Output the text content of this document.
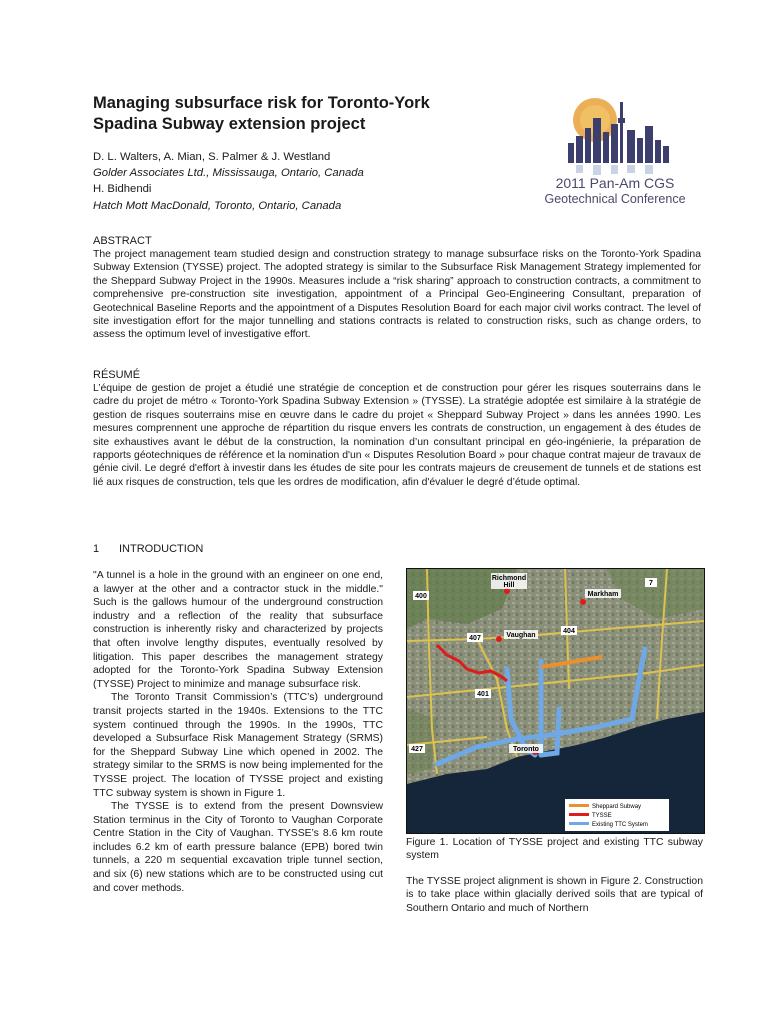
Managing subsurface risk for Toronto-York
Spadina Subway extension project
D. L. Walters, A. Mian, S. Palmer & J. Westland
Golder Associates Ltd., Mississauga, Ontario, Canada
H. Bidhendi
Hatch Mott MacDonald, Toronto, Ontario, Canada
2011 Pan-Am CGS
Geotechnical Conference
ABSTRACT

The project management team studied design and construction strategy to manage subsurface risks on the Toronto-York Spadina Subway Extension (TYSSE) project. The adopted strategy is similar to the Subsurface Risk Management Strategy implemented for the Sheppard Subway Project in the 1990s. Measures include a “risk sharing” approach to construction contracts, a commitment to comprehensive pre-construction site investigation, appointment of a Principal Geo-Engineering Consultant, preparation of Geotechnical Baseline Reports and the appointment of a Disputes Resolution Board for each major civil works contract. The level of site investigation effort for the major tunnelling and stations contracts is related to construction risks, such as change orders, to assess the optimum level of investigative effort.

RÉSUMÉ

L’équipe de gestion de projet a étudié une stratégie de conception et de construction pour gérer les risques souterrains dans le cadre du projet de métro « Toronto-York Spadina Subway Extension » (TYSSE). La stratégie adoptée est similaire à la stratégie de gestion de risques souterrains mise en œuvre dans le cadre du projet « Sheppard Subway Project » dans les années 1990. Les mesures comprennent une approche de répartition du risque envers les contrats de construction, un engagement à des études de site exhaustives avant le début de la construction, la nomination d’un consultant principal en géo-ingénierie, la préparation de rapports géotechniques de référence et la nomination d'un « Disputes Resolution Board » pour chaque contrat majeur de travaux de génie civil. Le degré d'effort à investir dans les études de site pour les contrats majeurs de creusement de tunnels et de stations est lié aux risques de construction, tels que les ordres de modification, afin d'évaluer le degré d’étude optimal.

1 INTRODUCTION

"A tunnel is a hole in the ground with an engineer on one end, a lawyer at the other and a contractor stuck in the middle." Such is the gallows humour of the underground construction industry and a reflection of the reality that subsurface construction is inherently risky and characterized by projects that often involve lengthy disputes, eventually resolved by litigation. This paper describes the management strategy adopted for the Toronto-York Spadina Subway Extension (TYSSE) Project to minimize and manage subsurface risk.

The Toronto Transit Commission’s (TTC’s) underground transit projects started in the 1940s. Extensions to the TTC system continued through the 1990s. In the 1990s, TTC developed a Subsurface Risk Management Strategy (SRMS) for the Sheppard Subway Line which opened in 2002. The strategy similar to the SRMS is now being implemented for the TYSSE project. The location of TYSSE project and existing TTC subway system is shown in Figure 1.

The TYSSE is to extend from the present Downsview Station terminus in the City of Toronto to Vaughan Corporate Centre Station in the City of Vaughan. TYSSE’s 8.6 km route includes 6.2 km of earth pressure balance (EPB) bored twin tunnels, a 220 m sequential excavation triple tunnel section, and six (6) new stations which are to be constructed using cut and cover methods.

Richmond
Hill
Markham
Vaughan
Toronto
400
407
404
401
427
7
Sheppard Subway
TYSSE
Existing TTC System
Figure 1. Location of TYSSE project and existing TTC subway system
The TYSSE project alignment is shown in Figure 2. Construction is to take place within glacially derived soils that are typical of Southern Ontario and much of Northern
